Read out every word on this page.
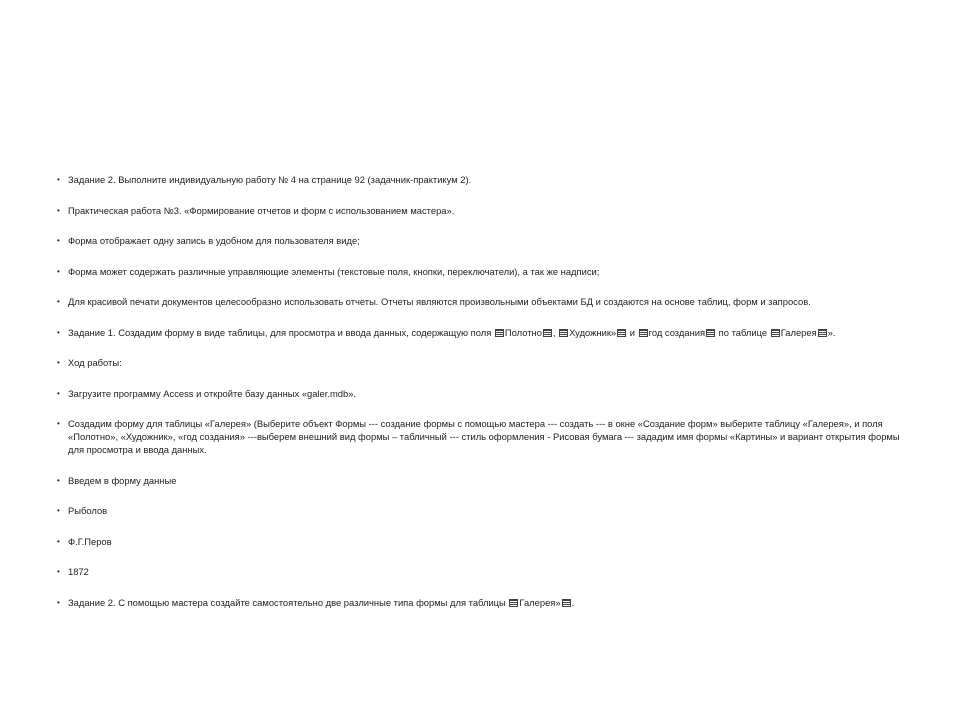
• Задание 2. Выполните индивидуальную работу № 4 на странице 92 (задачник-практикум 2).
• Практическая работа №3. «Формирование отчетов и форм с использованием мастера».
• Форма отображает одну запись в удобном для пользователя виде;
• Форма может содержать различные управляющие элементы (текстовые поля, кнопки, переключатели), а так же надписи;
• Для красивой печати документов целесообразно использовать отчеты. Отчеты являются произвольными объектами БД и создаются на основе таблиц, форм и запросов.
• Задание 1. Создадим форму в виде таблицы, для просмотра и ввода данных, содержащую поля Полотно , Художник» и год создания по таблице Галерея ».
• Ход работы:
• Загрузите программу Access и откройте базу данных «galer.mdb».
• Создадим форму для таблицы «Галерея» (Выберите объект Формы --- создание формы с помощью мастера --- создать --- в окне «Создание форм» выберите таблицу «Галерея», и поля «Полотно», «Художник», «год создания» ---выберем внешний вид формы – табличный --- стиль оформления - Рисовая бумага --- зададим имя формы «Картины» и вариант открытия формы для просмотра и ввода данных.
• Введем в форму данные
• Рыболов
• Ф.Г.Перов
• 1872
• Задание 2. С помощью мастера создайте самостоятельно две различные типа формы для таблицы Галерея» .
